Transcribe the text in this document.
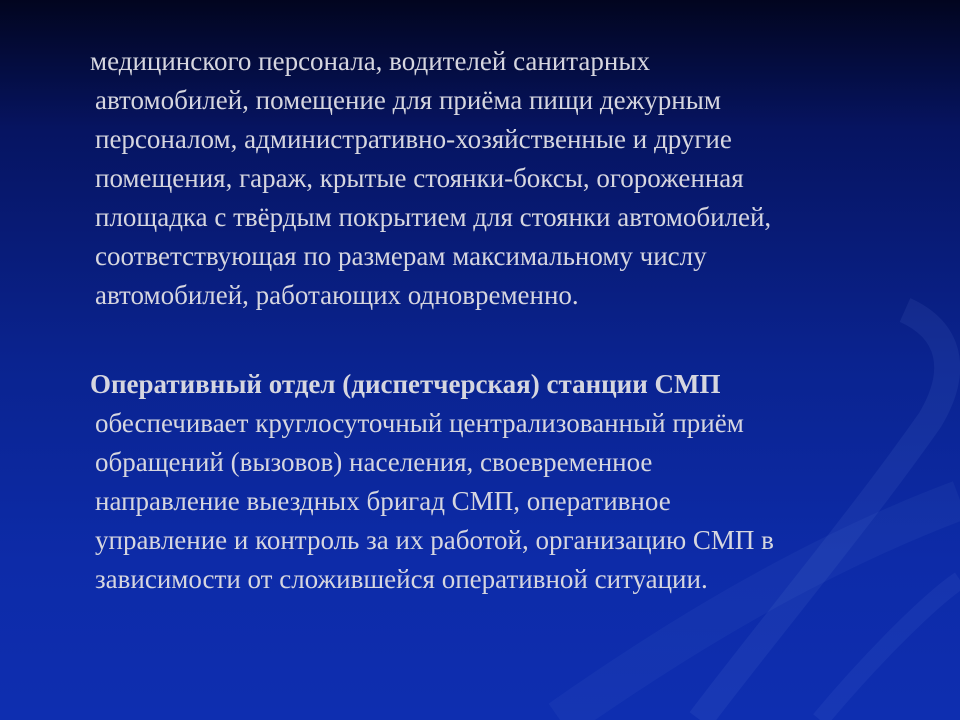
медицинского персонала, водителей санитарных
автомобилей, помещение для приёма пищи дежурным
персоналом, административно-хозяйственные и другие
помещения, гараж, крытые стоянки-боксы, огороженная
площадка с твёрдым покрытием для стоянки автомобилей,
соответствующая по размерам максимальному числу
автомобилей, работающих одновременно.

Оперативный отдел (диспетчерская) станции СМП
обеспечивает круглосуточный централизованный приём
обращений (вызовов) населения, своевременное
направление выездных бригад СМП, оперативное
управление и контроль за их работой, организацию СМП в
зависимости от сложившейся оперативной ситуации.
